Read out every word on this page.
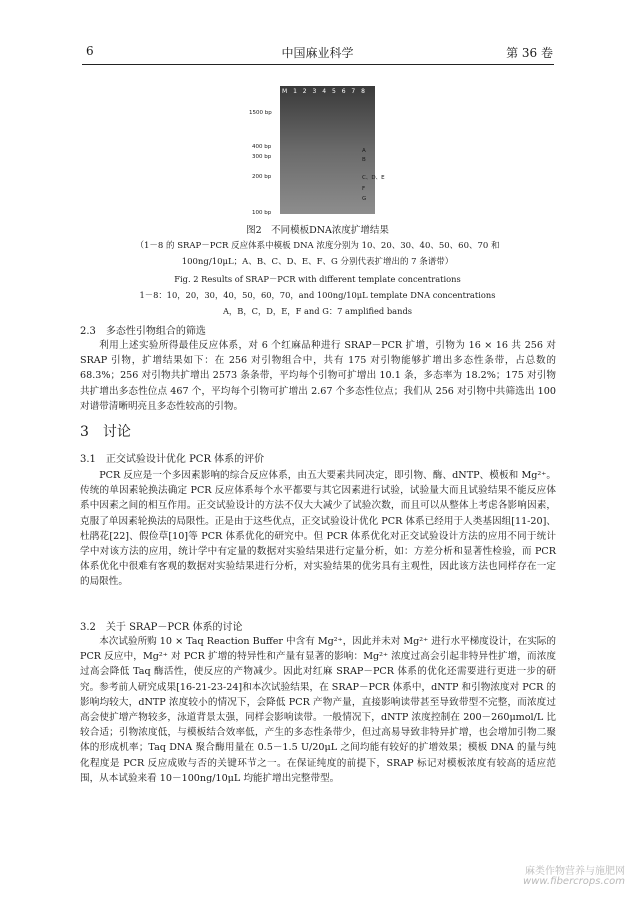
6	中国麻业科学	第 36 卷
M 1 2 3 4 5 6 7 8
1500 bp
400 bp
300 bp
200 bp
100 bp
A
B
C、D、E
F
G
图2　不同模板DNA浓度扩增结果
（1－8 的 SRAP－PCR 反应体系中模板 DNA 浓度分别为 10、20、30、40、50、60、70 和
100ng/10μL；A、B、C、D、E、F、G 分别代表扩增出的 7 条谱带）
Fig. 2 Results of SRAP－PCR with different template concentrations
1－8：10，20，30，40，50，60，70，and 100ng/10μL template DNA concentrations
A，B，C，D，E，F and G：7 amplified bands
2.3　多态性引物组合的筛选
利用上述实验所得最佳反应体系，对 6 个红麻品种进行 SRAP－PCR 扩增，引物为 16 × 16 共 256 对 SRAP 引物，扩增结果如下：在 256 对引物组合中，共有 175 对引物能够扩增出多态性条带，占总数的 68.3%；256 对引物共扩增出 2573 条条带，平均每个引物可扩增出 10.1 条，多态率为 18.2%；175 对引物共扩增出多态性位点 467 个，平均每个引物可扩增出 2.67 个多态性位点；我们从 256 对引物中共筛选出 100 对谱带清晰明亮且多态性较高的引物。
3　讨论
3.1　正交试验设计优化 PCR 体系的评价
PCR 反应是一个多因素影响的综合反应体系，由五大要素共同决定，即引物、酶、dNTP、模板和 Mg²⁺。传统的单因素轮换法确定 PCR 反应体系每个水平都要与其它因素进行试验，试验量大而且试验结果不能反应体系中因素之间的相互作用。正交试验设计的方法不仅大大减少了试验次数，而且可以从整体上考虑各影响因素，克服了单因素轮换法的局限性。正是由于这些优点，正交试验设计优化 PCR 体系已经用于人类基因组[11-20]、杜鹃花[22]、假俭草[10]等 PCR 体系优化的研究中。但 PCR 体系优化对正交试验设计方法的应用不同于统计学中对该方法的应用，统计学中有定量的数据对实验结果进行定量分析，如：方差分析和显著性检验，而 PCR 体系优化中很难有客观的数据对实验结果进行分析，对实验结果的优劣具有主观性，因此该方法也同样存在一定的局限性。
3.2　关于 SRAP－PCR 体系的讨论
本次试验所购 10 × Taq Reaction Buffer 中含有 Mg²⁺，因此并未对 Mg²⁺ 进行水平梯度设计，在实际的 PCR 反应中，Mg²⁺ 对 PCR 扩增的特异性和产量有显著的影响：Mg²⁺ 浓度过高会引起非特异性扩增，而浓度过高会降低 Taq 酶活性，使反应的产物减少。因此对红麻 SRAP－PCR 体系的优化还需要进行更进一步的研究。参考前人研究成果[16-21-23-24]和本次试验结果，在 SRAP－PCR 体系中，dNTP 和引物浓度对 PCR 的影响均较大，dNTP 浓度较小的情况下，会降低 PCR 产物产量，直接影响读带甚至导致带型不完整，而浓度过高会使扩增产物较多，泳道背景太强，同样会影响读带。一般情况下，dNTP 浓度控制在 200－260μmol/L 比较合适；引物浓度低，与模板结合效率低，产生的多态性条带少，但过高易导致非特异扩增，也会增加引物二聚体的形成机率；Taq DNA 聚合酶用量在 0.5－1.5 U/20μL 之间均能有较好的扩增效果；模板 DNA 的量与纯化程度是 PCR 反应成败与否的关键环节之一。在保证纯度的前提下，SRAP 标记对模板浓度有较高的适应范围，从本试验来看 10－100ng/10μL 均能扩增出完整带型。
麻类作物营养与施肥网
www.fibercrops.com
